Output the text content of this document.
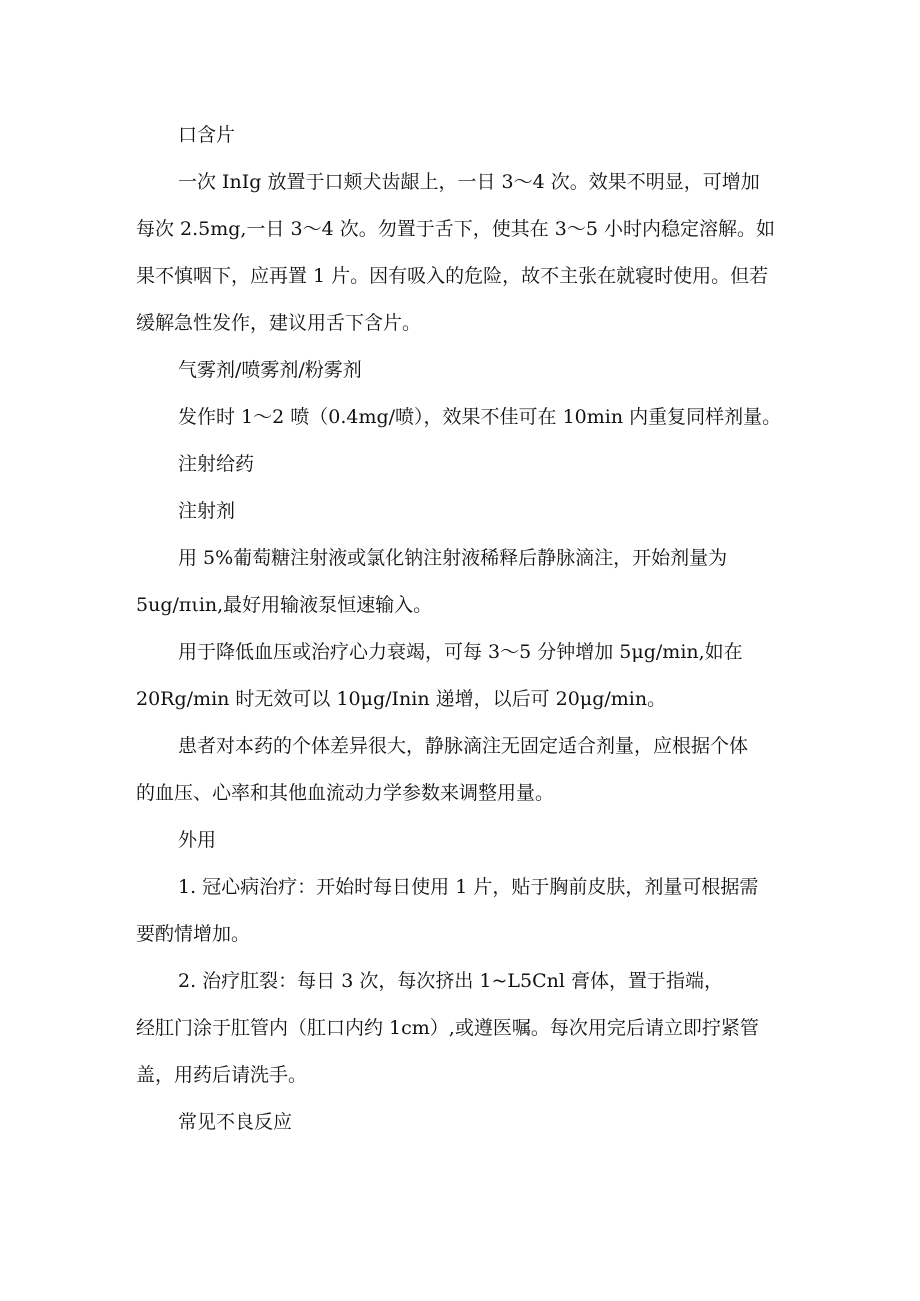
口含片

一次 InIg 放置于口颊犬齿龈上，一日 3～4 次。效果不明显，可增加
每次 2.5mg,一日 3～4 次。勿置于舌下，使其在 3～5 小时内稳定溶解。如
果不慎咽下，应再置 1 片。因有吸入的危险，故不主张在就寝时使用。但若
缓解急性发作，建议用舌下含片。

气雾剂/喷雾剂/粉雾剂

发作时 1～2 喷（0.4mg/喷），效果不佳可在 10min 内重复同样剂量。

注射给药

注射剂

用 5%葡萄糖注射液或氯化钠注射液稀释后静脉滴注，开始剂量为
5ug/πιin,最好用输液泵恒速输入。

用于降低血压或治疗心力衰竭，可每 3～5 分钟增加 5μg/min,如在
20Rg/min 时无效可以 10μg/Inin 递增，以后可 20μg/min。

患者对本药的个体差异很大，静脉滴注无固定适合剂量，应根据个体
的血压、心率和其他血流动力学参数来调整用量。

外用

1. 冠心病治疗：开始时每日使用 1 片，贴于胸前皮肤，剂量可根据需
要酌情增加。

2. 治疗肛裂：每日 3 次，每次挤出 1~L5Cnl 膏体，置于指端，
经肛门涂于肛管内（肛口内约 1cm）,或遵医嘱。每次用完后请立即拧紧管
盖，用药后请洗手。

常见不良反应
